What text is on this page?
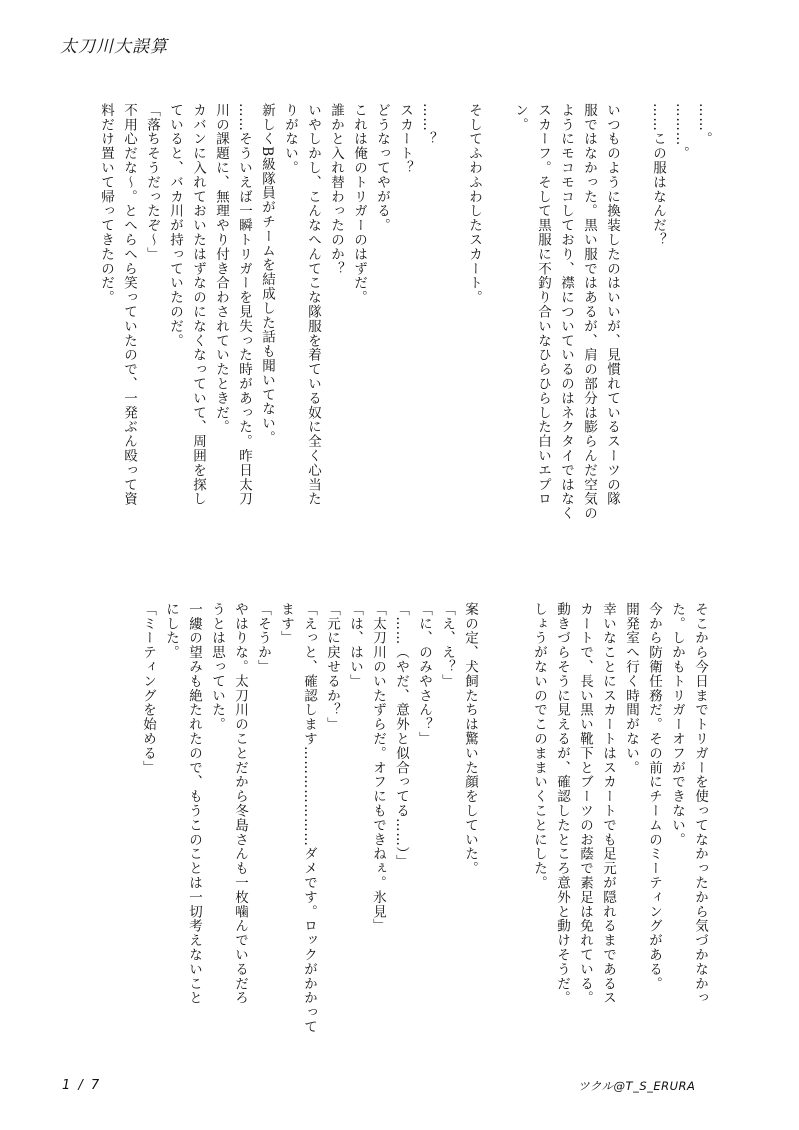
太刀川大誤算

……。

………。

……この服はなんだ？

いつものように換装したのはいいが、見慣れているスーツの隊

服ではなかった。黒い服ではあるが、肩の部分は膨らんだ空気の

ようにモコモコしており、襟についているのはネクタイではなく

スカーフ。そして黒服に不釣り合いなひらひらした白いエプロ

ン。

そしてふわふわしたスカート。

……？

スカート？

どうなってやがる。

これは俺のトリガーのはずだ。

誰かと入れ替わったのか？

いやしかし、こんなへんてこな隊服を着ている奴に全く心当た

りがない。

新しくB級隊員がチームを結成した話も聞いてない。

……そういえば一瞬トリガーを見失った時があった。昨日太刀

川の課題に、無理やり付き合わされていたときだ。

カバンに入れておいたはずなのになくなっていて、周囲を探し

ていると、バカ川が持っていたのだ。

「落ちそうだったぞ〜」

不用心だな〜。とへらへら笑っていたので、一発ぶん殴って資

料だけ置いて帰ってきたのだ。

そこから今日までトリガーを使ってなかったから気づかなかっ

た。しかもトリガーオフができない。

今から防衛任務だ。その前にチームのミーティングがある。

開発室へ行く時間がない。

幸いなことにスカートはスカートでも足元が隠れるまであるス

カートで、長い黒い靴下とブーツのお蔭で素足は免れている。

動きづらそうに見えるが、確認したところ意外と動けそうだ。

しょうがないのでこのままいくことにした。

案の定、犬飼たちは驚いた顔をしていた。

「え、え？」

「に、のみやさん？」

「……（やだ、意外と似合ってる……）」

「太刀川のいたずらだ。オフにもできねぇ。氷見」

「は、はい」

「元に戻せるか？」

「えっと、確認します…………………ダメです。ロックがかかって

ます」

「そうか」

やはりな。太刀川のことだから冬島さんも一枚噛んでいるだろ

うとは思っていた。

一縷の望みも絶たれたので、もうこのことは一切考えないこと

にした。

「ミーティングを始める」

1 / 7	ツクル@T_S_ERURA
